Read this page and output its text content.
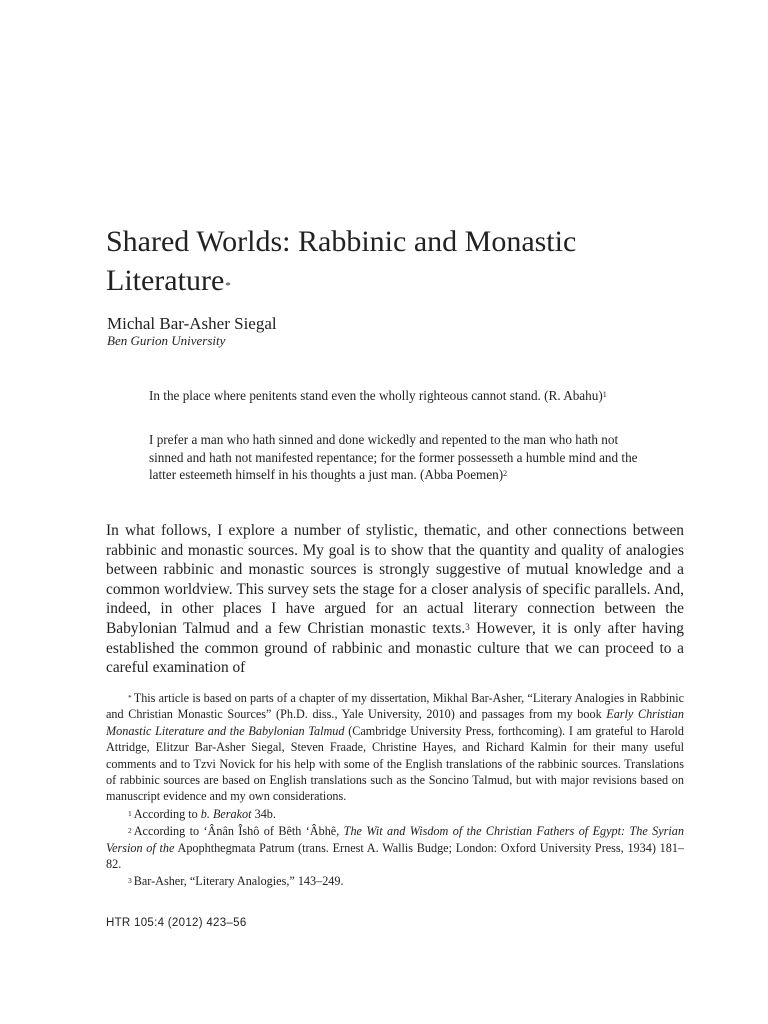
Shared Worlds: Rabbinic and Monastic Literature*
Michal Bar-Asher Siegal
Ben Gurion University

In the place where penitents stand even the wholly righteous cannot stand. (R. Abahu)$^1$

I prefer a man who hath sinned and done wickedly and repented to the man who hath not sinned and hath not manifested repentance; for the former possesseth a humble mind and the latter esteemeth himself in his thoughts a just man. (Abba Poemen)$^2$

In what follows, I explore a number of stylistic, thematic, and other connections between rabbinic and monastic sources. My goal is to show that the quantity and quality of analogies between rabbinic and monastic sources is strongly suggestive of mutual knowledge and a common worldview. This survey sets the stage for a closer analysis of specific parallels. And, indeed, in other places I have argued for an actual literary connection between the Babylonian Talmud and a few Christian monastic texts.$^3$ However, it is only after having established the common ground of rabbinic and monastic culture that we can proceed to a careful examination of

* This article is based on parts of a chapter of my dissertation, Mikhal Bar-Asher, “Literary Analogies in Rabbinic and Christian Monastic Sources” (Ph.D. diss., Yale University, 2010) and passages from my book Early Christian Monastic Literature and the Babylonian Talmud (Cambridge University Press, forthcoming). I am grateful to Harold Attridge, Elitzur Bar-Asher Siegal, Steven Fraade, Christine Hayes, and Richard Kalmin for their many useful comments and to Tzvi Novick for his help with some of the English translations of the rabbinic sources. Translations of rabbinic sources are based on English translations such as the Soncino Talmud, but with major revisions based on manuscript evidence and my own considerations.

$^1$ According to b. Berakot 34b.

$^2$ According to ‘Ânân Îshô of Bêth ‘Âbhê, The Wit and Wisdom of the Christian Fathers of Egypt: The Syrian Version of the Apophthegmata Patrum (trans. Ernest A. Wallis Budge; London: Oxford University Press, 1934) 181–82.

$^3$ Bar-Asher, “Literary Analogies,” 143–249.

HTR 105:4 (2012) 423–56
